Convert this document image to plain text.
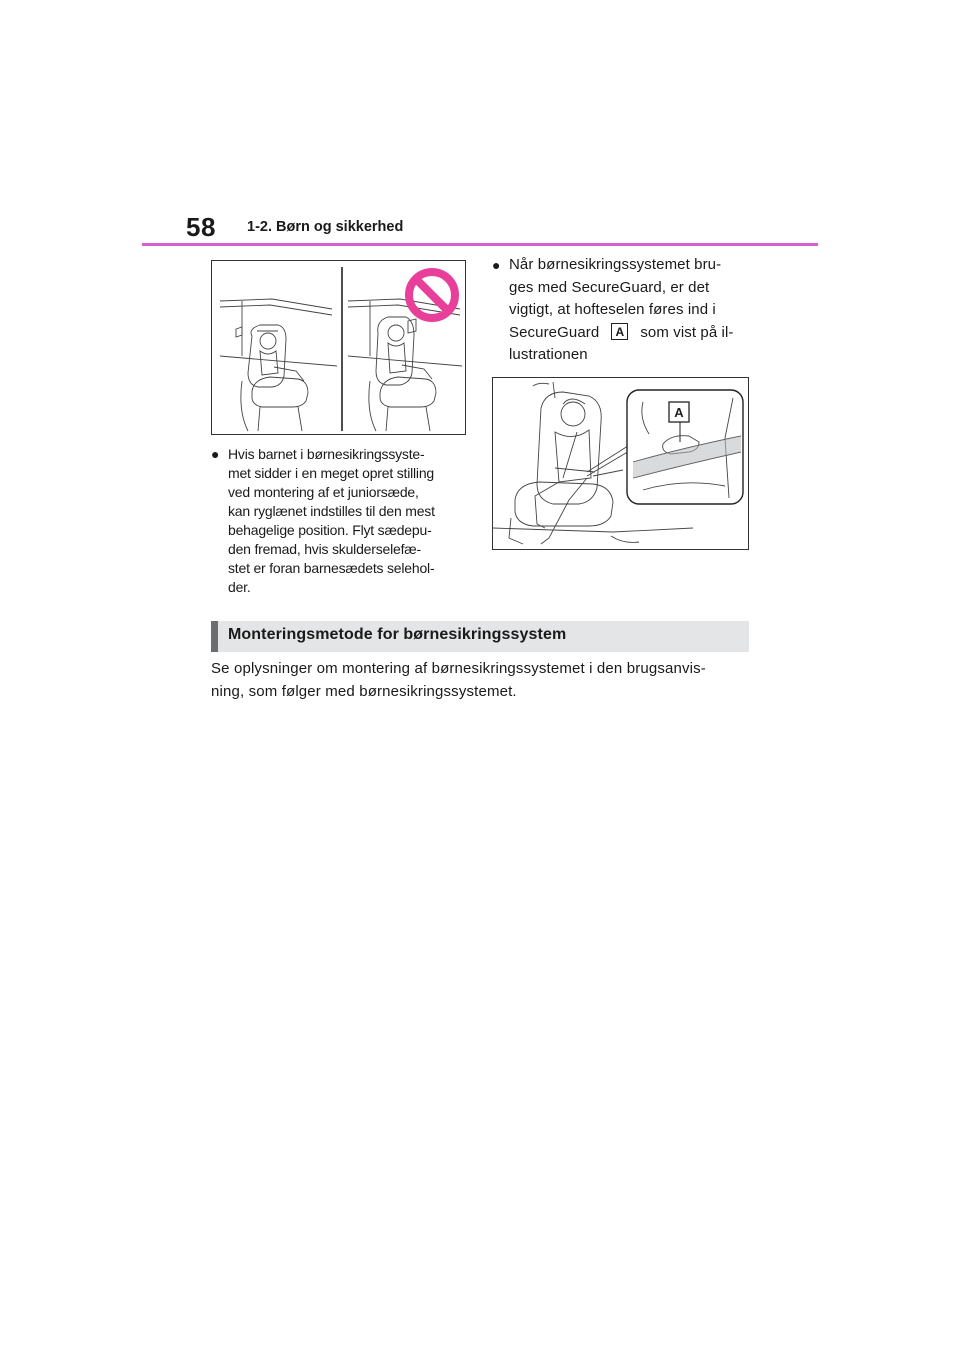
58 1-2. Børn og sikkerhed
● Hvis barnet i børnesikringssyste-
met sidder i en meget opret stilling
ved montering af et juniorsæde,
kan ryglænet indstilles til den mest
behagelige position. Flyt sædepu-
den fremad, hvis skulderselefæ-
stet er foran barnesædets selehol-
der.
● Når børnesikringssystemet bru-
ges med SecureGuard, er det
vigtigt, at hofteselen føres ind i
SecureGuard A som vist på il-
lustrationen
A
Monteringsmetode for børnesikringssystem
Se oplysninger om montering af børnesikringssystemet i den brugsanvis-
ning, som følger med børnesikringssystemet.
